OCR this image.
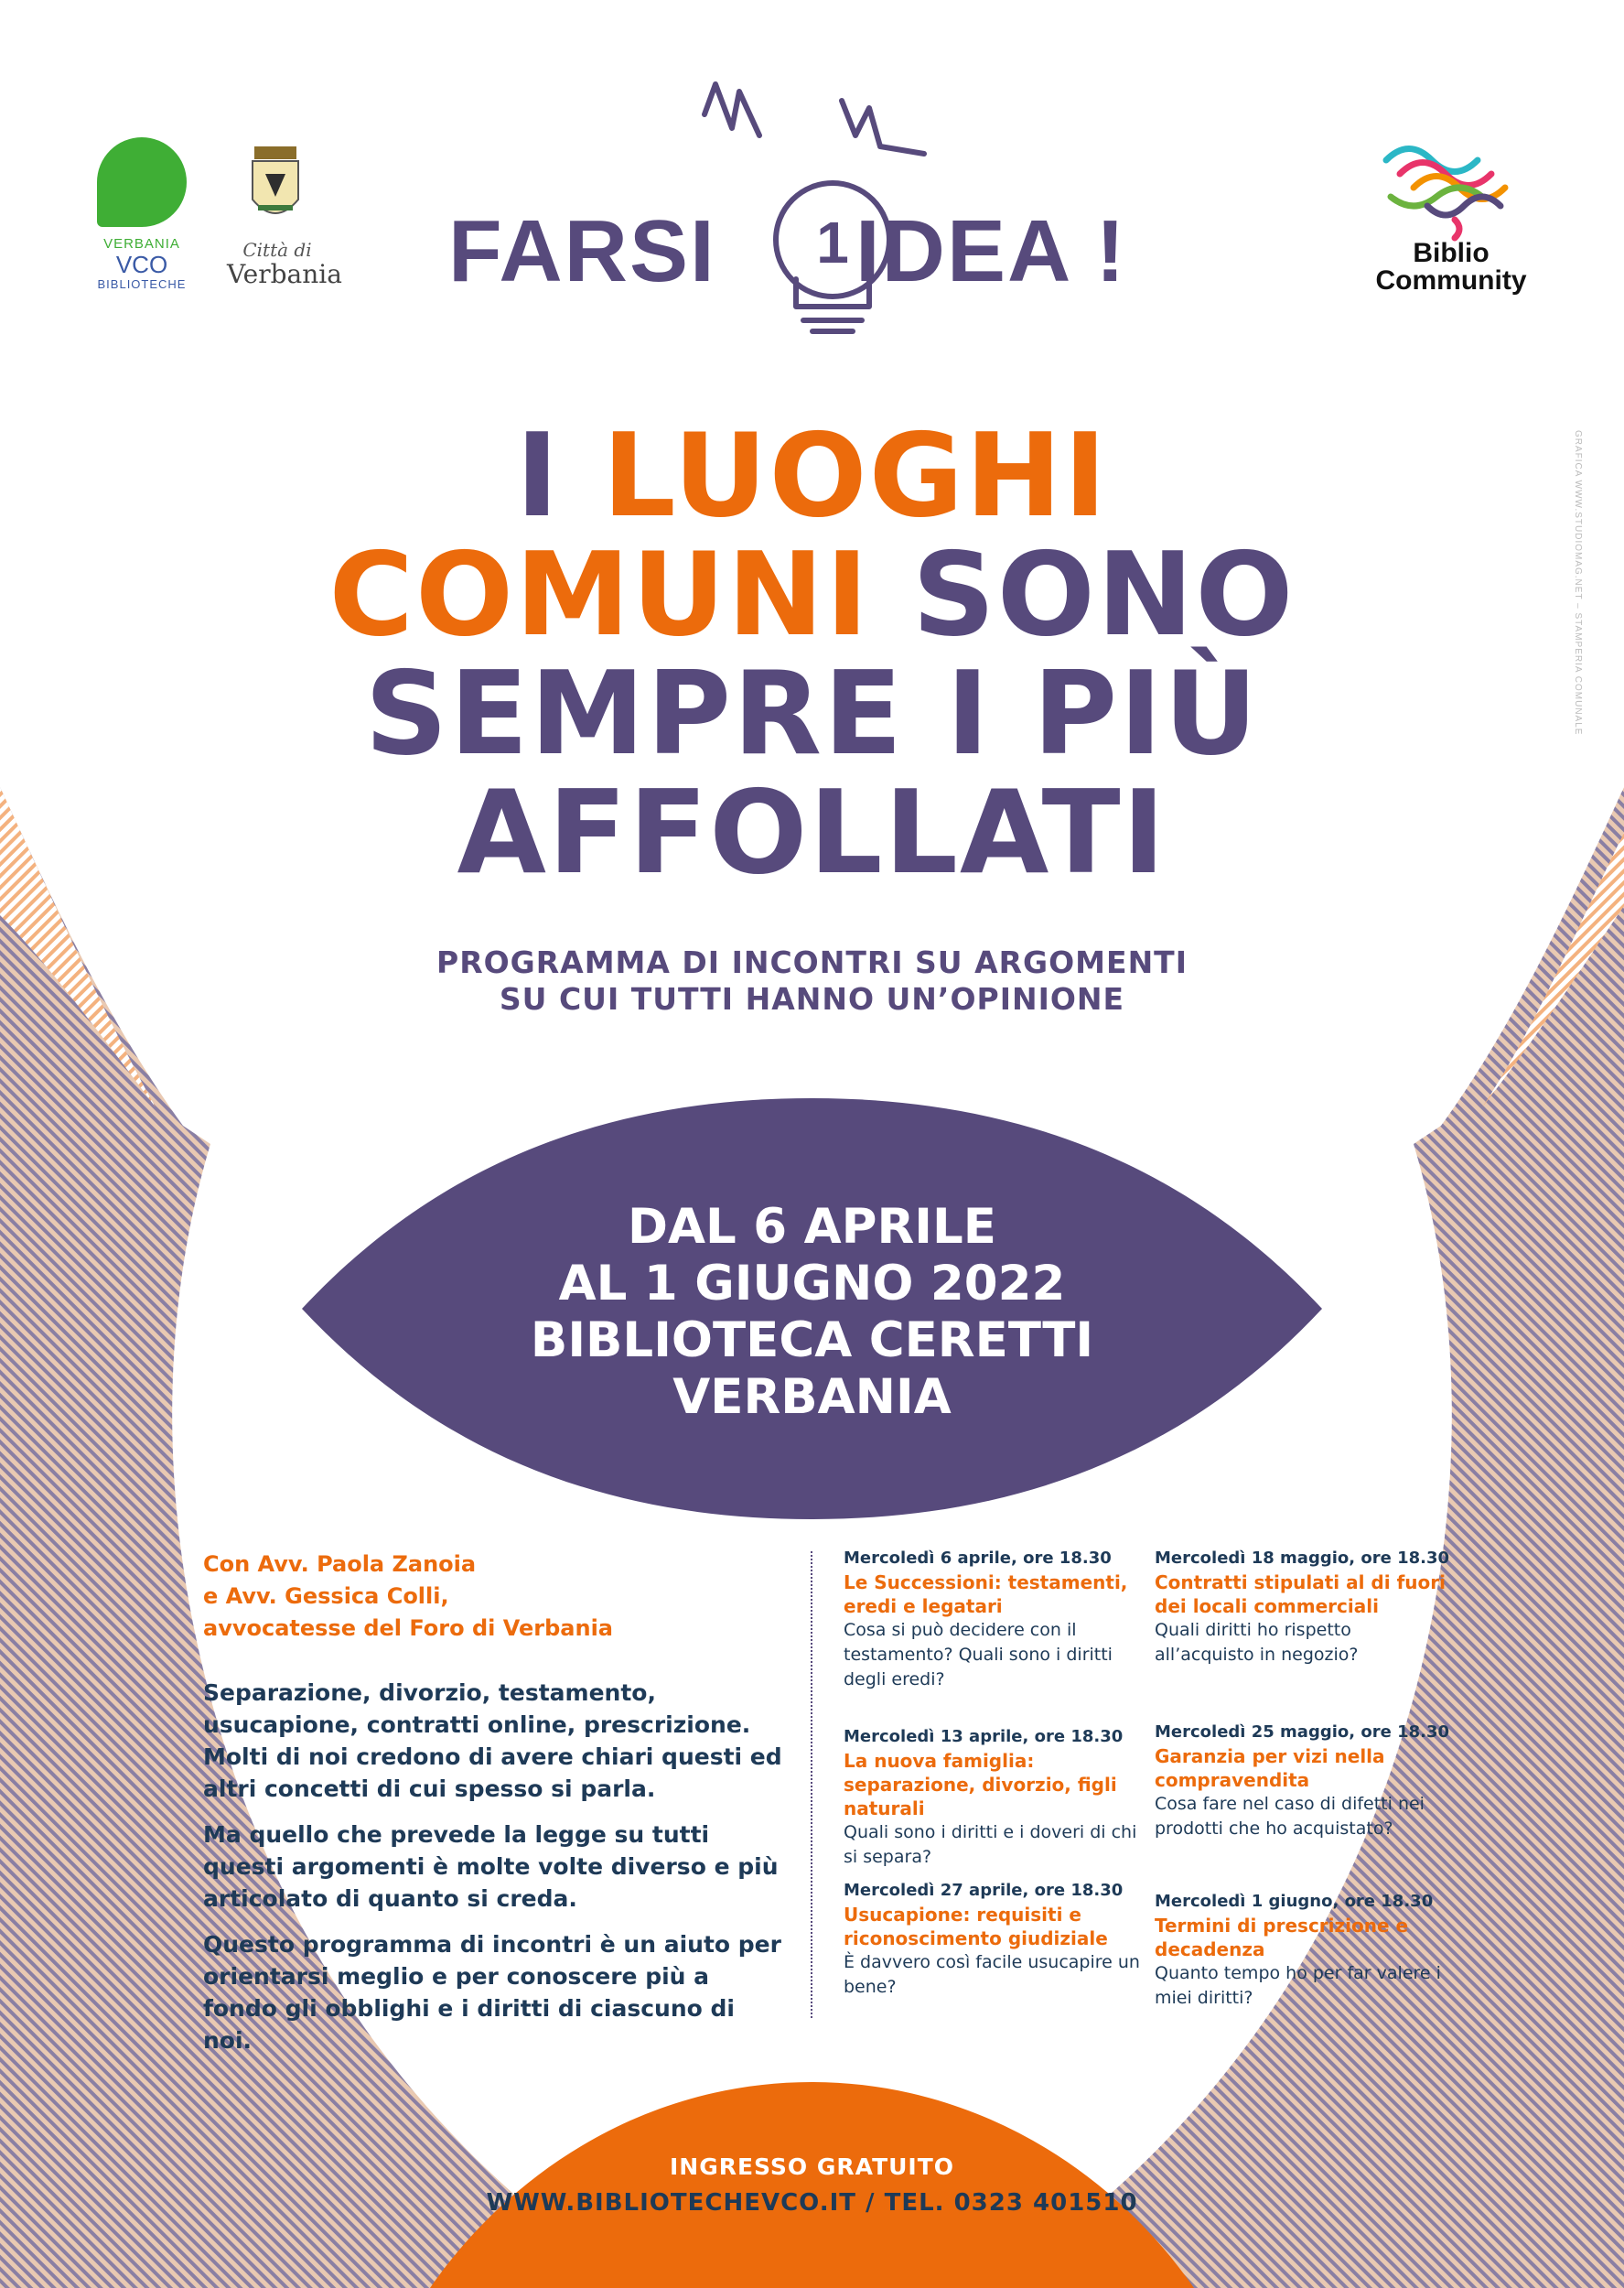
GRAFICA WWW.STUDIOMAG.NET – STAMPERIA COMUNALE
VERBANIA
VCO
BIBLIOTECHE
Città di
Verbania
Biblio
Community
FARSI	1 IDEA !
I LUOGHI
COMUNI SONO
SEMPRE I PIÙ
AFFOLLATI
PROGRAMMA DI INCONTRI SU ARGOMENTI
SU CUI TUTTI HANNO UN’OPINIONE
DAL 6 APRILE
AL 1 GIUGNO 2022
BIBLIOTECA CERETTI
VERBANIA
Con Avv. Paola Zanoia
e Avv. Gessica Colli,
avvocatesse del Foro di Verbania
Separazione, divorzio, testamento, usucapione, contratti online, prescrizione. Molti di noi credono di avere chiari questi ed altri concetti di cui spesso si parla.
Ma quello che prevede la legge su tutti questi argomenti è molte volte diverso e più articolato di quanto si creda.
Questo programma di incontri è un aiuto per orientarsi meglio e per conoscere più a fondo gli obblighi e i diritti di ciascuno di noi.
Mercoledì 6 aprile, ore 18.30
Le Successioni: testamenti, eredi e legatari
Cosa si può decidere con il testamento? Quali sono i diritti degli eredi?
Mercoledì 13 aprile, ore 18.30
La nuova famiglia: separazione, divorzio, figli naturali
Quali sono i diritti e i doveri di chi si separa?
Mercoledì 27 aprile, ore 18.30
Usucapione: requisiti e riconoscimento giudiziale
È davvero così facile usucapire un bene?
Mercoledì 18 maggio, ore 18.30
Contratti stipulati al di fuori dei locali commerciali
Quali diritti ho rispetto all’acquisto in negozio?
Mercoledì 25 maggio, ore 18.30
Garanzia per vizi nella compravendita
Cosa fare nel caso di difetti nei prodotti che ho acquistato?
Mercoledì 1 giugno, ore 18.30
Termini di prescrizione e decadenza
Quanto tempo ho per far valere i miei diritti?
INGRESSO GRATUITO
WWW.BIBLIOTECHEVCO.IT / TEL. 0323 401510
